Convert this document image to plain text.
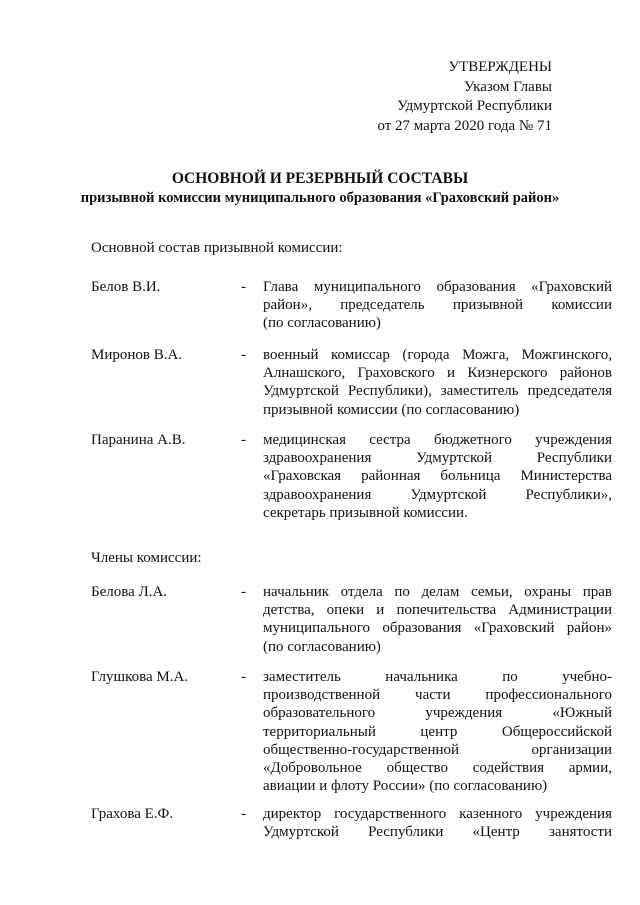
УТВЕРЖДЕНЫ
Указом Главы
Удмуртской Республики
от 27 марта 2020 года № 71
ОСНОВНОЙ И РЕЗЕРВНЫЙ СОСТАВЫ
призывной комиссии муниципального образования «Граховский район»
Основной состав призывной комиссии:
Белов В.И.	- Глава муниципального образования «Граховский
район», председатель призывной комиссии
(по согласованию)
Миронов В.А.	- военный комиссар (города Можга, Можгинского,
Алнашского, Граховского и Кизнерского районов
Удмуртской Республики), заместитель председателя
призывной комиссии (по согласованию)
Паранина А.В.	- медицинская сестра бюджетного учреждения
здравоохранения Удмуртской Республики
«Граховская районная больница Министерства
здравоохранения Удмуртской Республики»,
секретарь призывной комиссии.
Члены комиссии:
Белова Л.А.	- начальник отдела по делам семьи, охраны прав
детства, опеки и попечительства Администрации
муниципального образования «Граховский район»
(по согласованию)
Глушкова М.А.	- заместитель начальника по учебно-
производственной части профессионального
образовательного учреждения «Южный
территориальный центр Общероссийской
общественно-государственной организации
«Добровольное общество содействия армии,
авиации и флоту России» (по согласованию)
Грахова Е.Ф.	- директор государственного казенного учреждения
Удмуртской Республики «Центр занятости
